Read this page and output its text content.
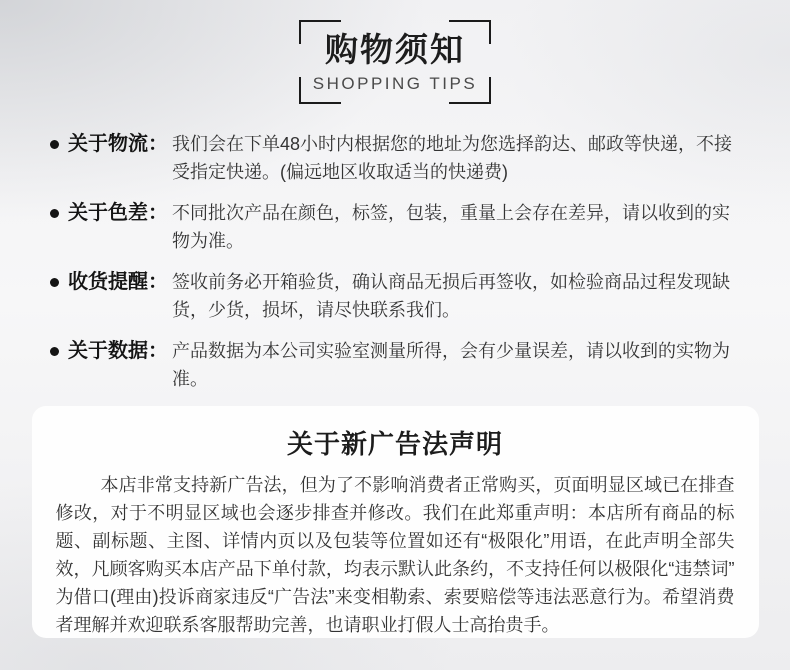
购物须知
SHOPPING TIPS
关于物流： 我们会在下单48小时内根据您的地址为您选择韵达、邮政等快递，不接受指定快递。(偏远地区收取适当的快递费)
关于色差： 不同批次产品在颜色，标签，包装，重量上会存在差异，请以收到的实物为准。
收货提醒： 签收前务必开箱验货，确认商品无损后再签收，如检验商品过程发现缺货，少货，损坏，请尽快联系我们。
关于数据： 产品数据为本公司实验室测量所得，会有少量误差，请以收到的实物为准。
关于新广告法声明

本店非常支持新广告法，但为了不影响消费者正常购买，页面明显区域已在排查修改，对于不明显区域也会逐步排查并修改。我们在此郑重声明：本店所有商品的标题、副标题、主图、详情内页以及包装等位置如还有“极限化”用语，在此声明全部失效，凡顾客购买本店产品下单付款，均表示默认此条约，不支持任何以极限化“违禁词”为借口(理由)投诉商家违反“广告法”来变相勒索、索要赔偿等违法恶意行为。希望消费者理解并欢迎联系客服帮助完善，也请职业打假人士高抬贵手。
